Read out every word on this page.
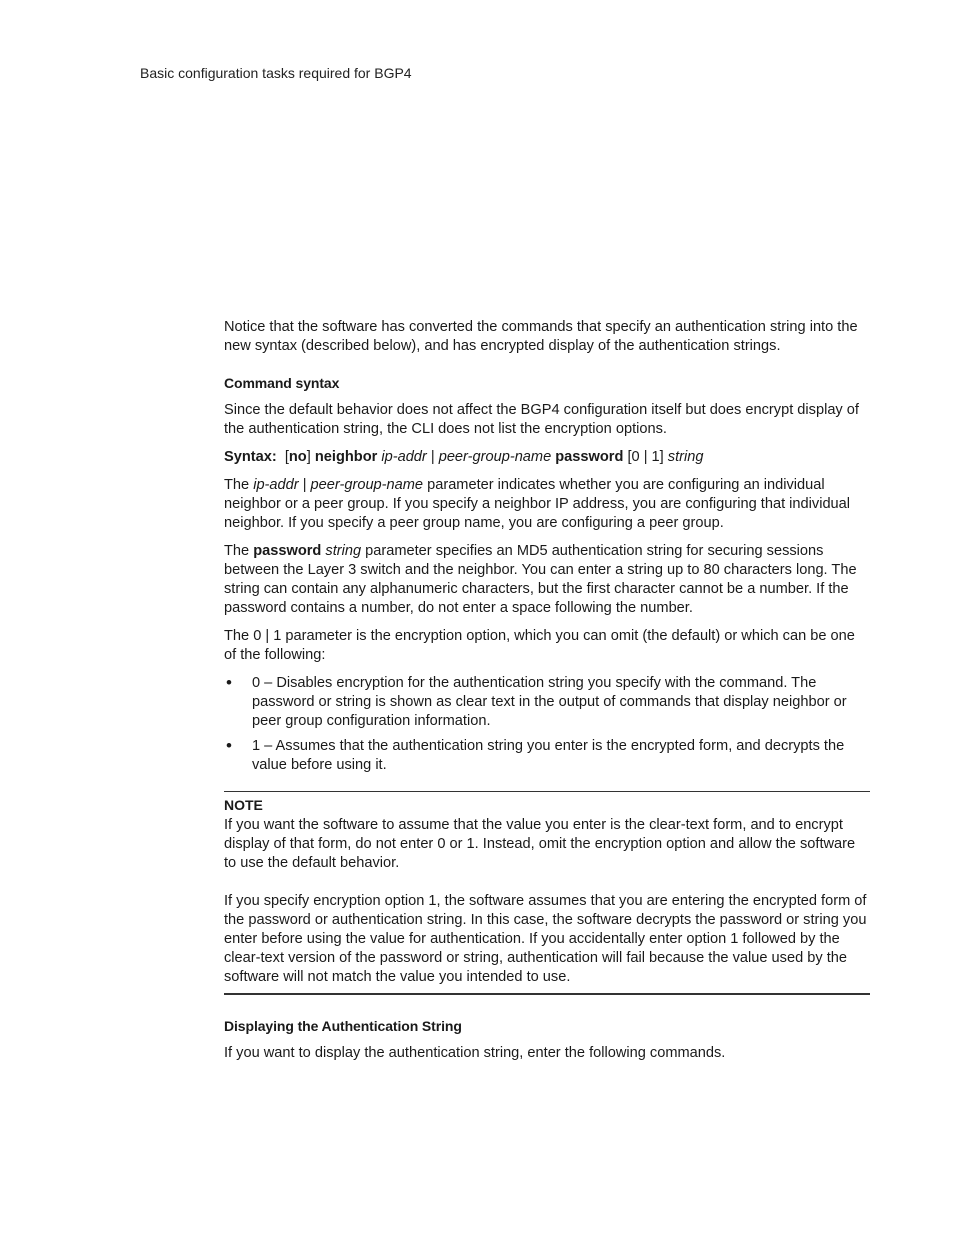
Basic configuration tasks required for BGP4

Notice that the software has converted the commands that specify an authentication string into the new syntax (described below), and has encrypted display of the authentication strings.

Command syntax

Since the default behavior does not affect the BGP4 configuration itself but does encrypt display of the authentication string, the CLI does not list the encryption options.

Syntax: [no] neighbor ip-addr | peer-group-name password [0 | 1] string

The ip-addr | peer-group-name parameter indicates whether you are configuring an individual neighbor or a peer group. If you specify a neighbor IP address, you are configuring that individual neighbor. If you specify a peer group name, you are configuring a peer group.

The password string parameter specifies an MD5 authentication string for securing sessions between the Layer 3 switch and the neighbor. You can enter a string up to 80 characters long. The string can contain any alphanumeric characters, but the first character cannot be a number. If the password contains a number, do not enter a space following the number.

The 0 | 1 parameter is the encryption option, which you can omit (the default) or which can be one of the following:

• 0 – Disables encryption for the authentication string you specify with the command. The password or string is shown as clear text in the output of commands that display neighbor or peer group configuration information.
• 1 – Assumes that the authentication string you enter is the encrypted form, and decrypts the value before using it.
NOTE

If you want the software to assume that the value you enter is the clear-text form, and to encrypt display of that form, do not enter 0 or 1. Instead, omit the encryption option and allow the software to use the default behavior.

If you specify encryption option 1, the software assumes that you are entering the encrypted form of the password or authentication string. In this case, the software decrypts the password or string you enter before using the value for authentication. If you accidentally enter option 1 followed by the clear-text version of the password or string, authentication will fail because the value used by the software will not match the value you intended to use.

Displaying the Authentication String

If you want to display the authentication string, enter the following commands.
